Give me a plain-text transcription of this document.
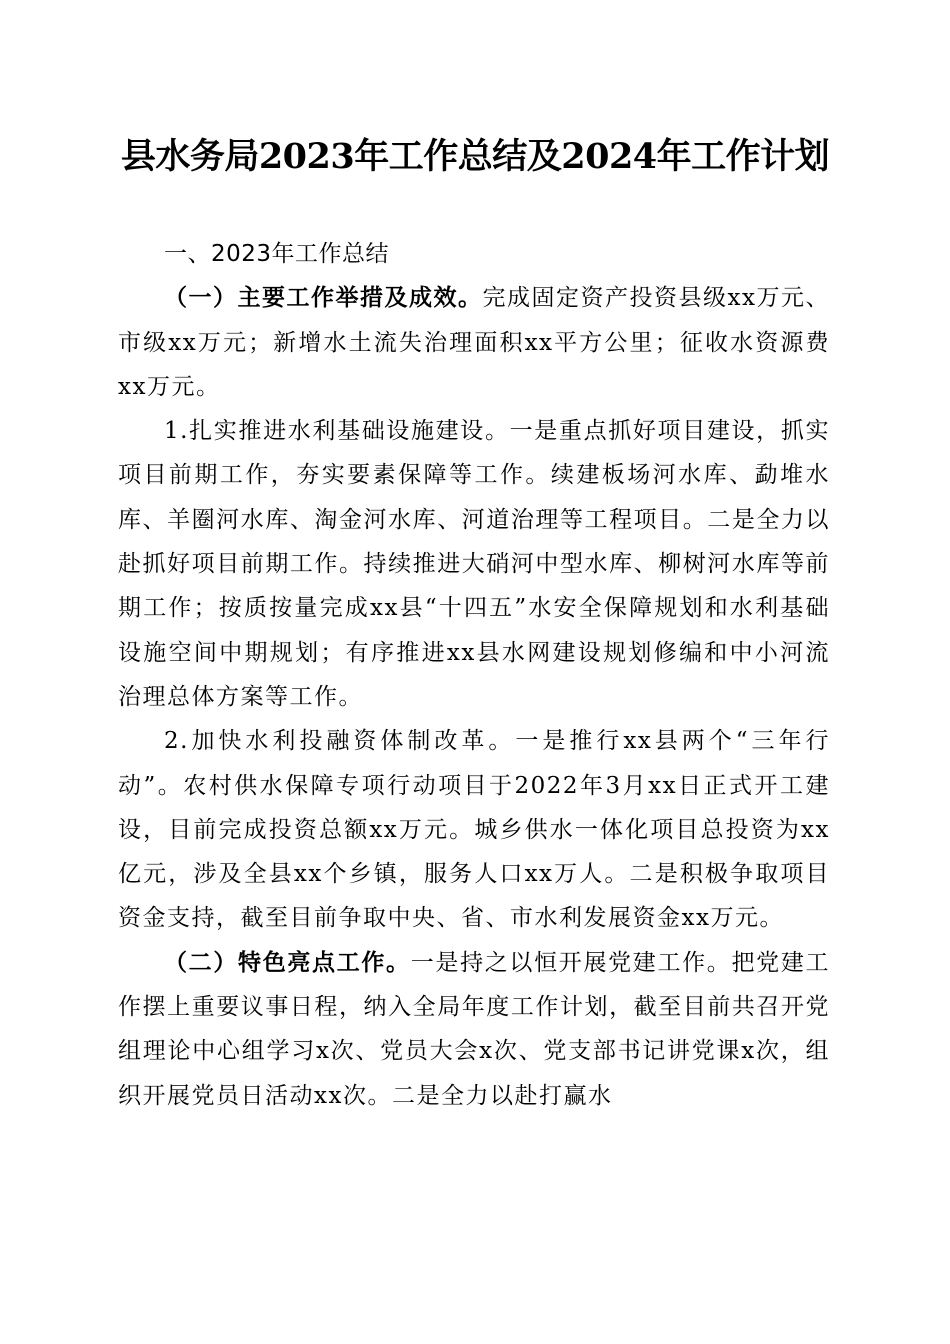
县水务局2023年工作总结及2024年工作计划

一、2023年工作总结

（一）主要工作举措及成效。完成固定资产投资县级xx万元、市级xx万元；新增水土流失治理面积xx平方公里；征收水资源费xx万元。

1.扎实推进水利基础设施建设。一是重点抓好项目建设，抓实项目前期工作，夯实要素保障等工作。续建板场河水库、勐堆水库、羊圈河水库、淘金河水库、河道治理等工程项目。二是全力以赴抓好项目前期工作。持续推进大硝河中型水库、柳树河水库等前期工作；按质按量完成xx县“十四五”水安全保障规划和水利基础设施空间中期规划；有序推进xx县水网建设规划修编和中小河流治理总体方案等工作。

2.加快水利投融资体制改革。一是推行xx县两个“三年行动”。农村供水保障专项行动项目于2022年3月xx日正式开工建设，目前完成投资总额xx万元。城乡供水一体化项目总投资为xx亿元，涉及全县xx个乡镇，服务人口xx万人。二是积极争取项目资金支持，截至目前争取中央、省、市水利发展资金xx万元。

（二）特色亮点工作。一是持之以恒开展党建工作。把党建工作摆上重要议事日程，纳入全局年度工作计划，截至目前共召开党组理论中心组学习x次、党员大会x次、党支部书记讲党课x次，组织开展党员日活动xx次。二是全力以赴打赢水
